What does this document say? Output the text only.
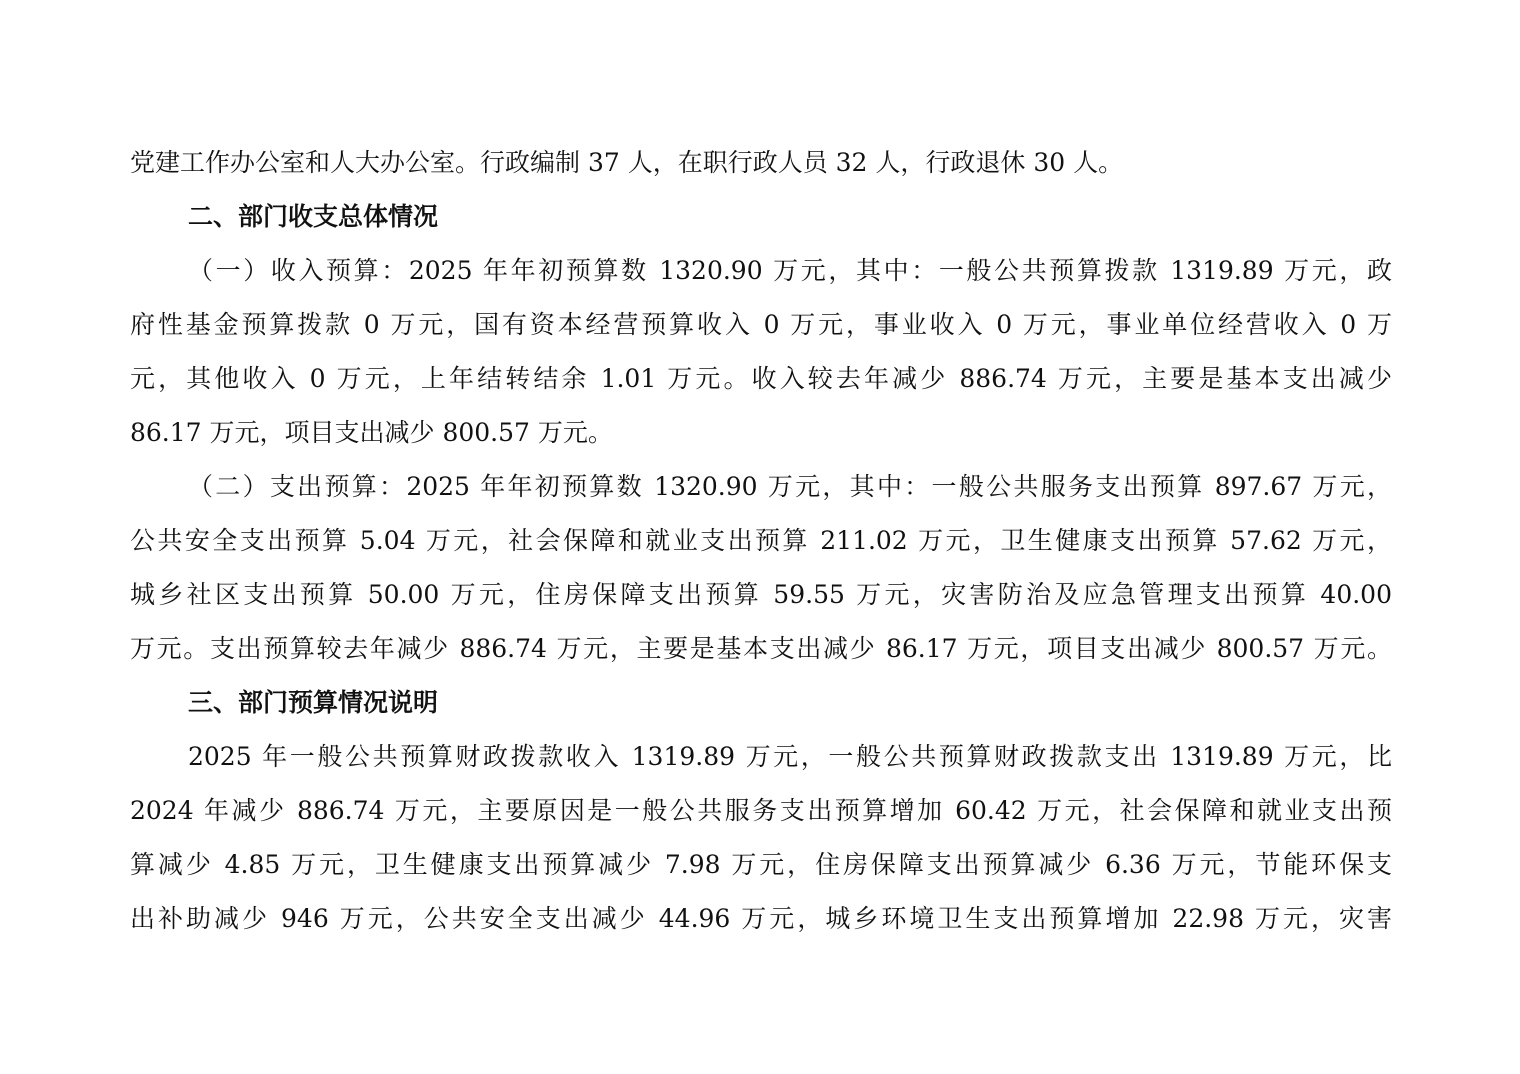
党建工作办公室和人大办公室。行政编制 37 人，在职行政人员 32 人，行政退休 30 人。
二、部门收支总体情况
（一）收入预算：2025 年年初预算数 1320.90 万元，其中：一般公共预算拨款 1319.89 万元，政
府性基金预算拨款 0 万元，国有资本经营预算收入 0 万元，事业收入 0 万元，事业单位经营收入 0 万
元，其他收入 0 万元，上年结转结余 1.01 万元。收入较去年减少 886.74 万元，主要是基本支出减少
86.17 万元，项目支出减少 800.57 万元。
（二）支出预算：2025 年年初预算数 1320.90 万元，其中：一般公共服务支出预算 897.67 万元，
公共安全支出预算 5.04 万元，社会保障和就业支出预算 211.02 万元，卫生健康支出预算 57.62 万元，
城乡社区支出预算 50.00 万元，住房保障支出预算 59.55 万元，灾害防治及应急管理支出预算 40.00
万元。支出预算较去年减少 886.74 万元，主要是基本支出减少 86.17 万元，项目支出减少 800.57 万元。
三、部门预算情况说明
2025 年一般公共预算财政拨款收入 1319.89 万元，一般公共预算财政拨款支出 1319.89 万元，比
2024 年减少 886.74 万元，主要原因是一般公共服务支出预算增加 60.42 万元，社会保障和就业支出预
算减少 4.85 万元，卫生健康支出预算减少 7.98 万元，住房保障支出预算减少 6.36 万元，节能环保支
出补助减少 946 万元，公共安全支出减少 44.96 万元，城乡环境卫生支出预算增加 22.98 万元，灾害
